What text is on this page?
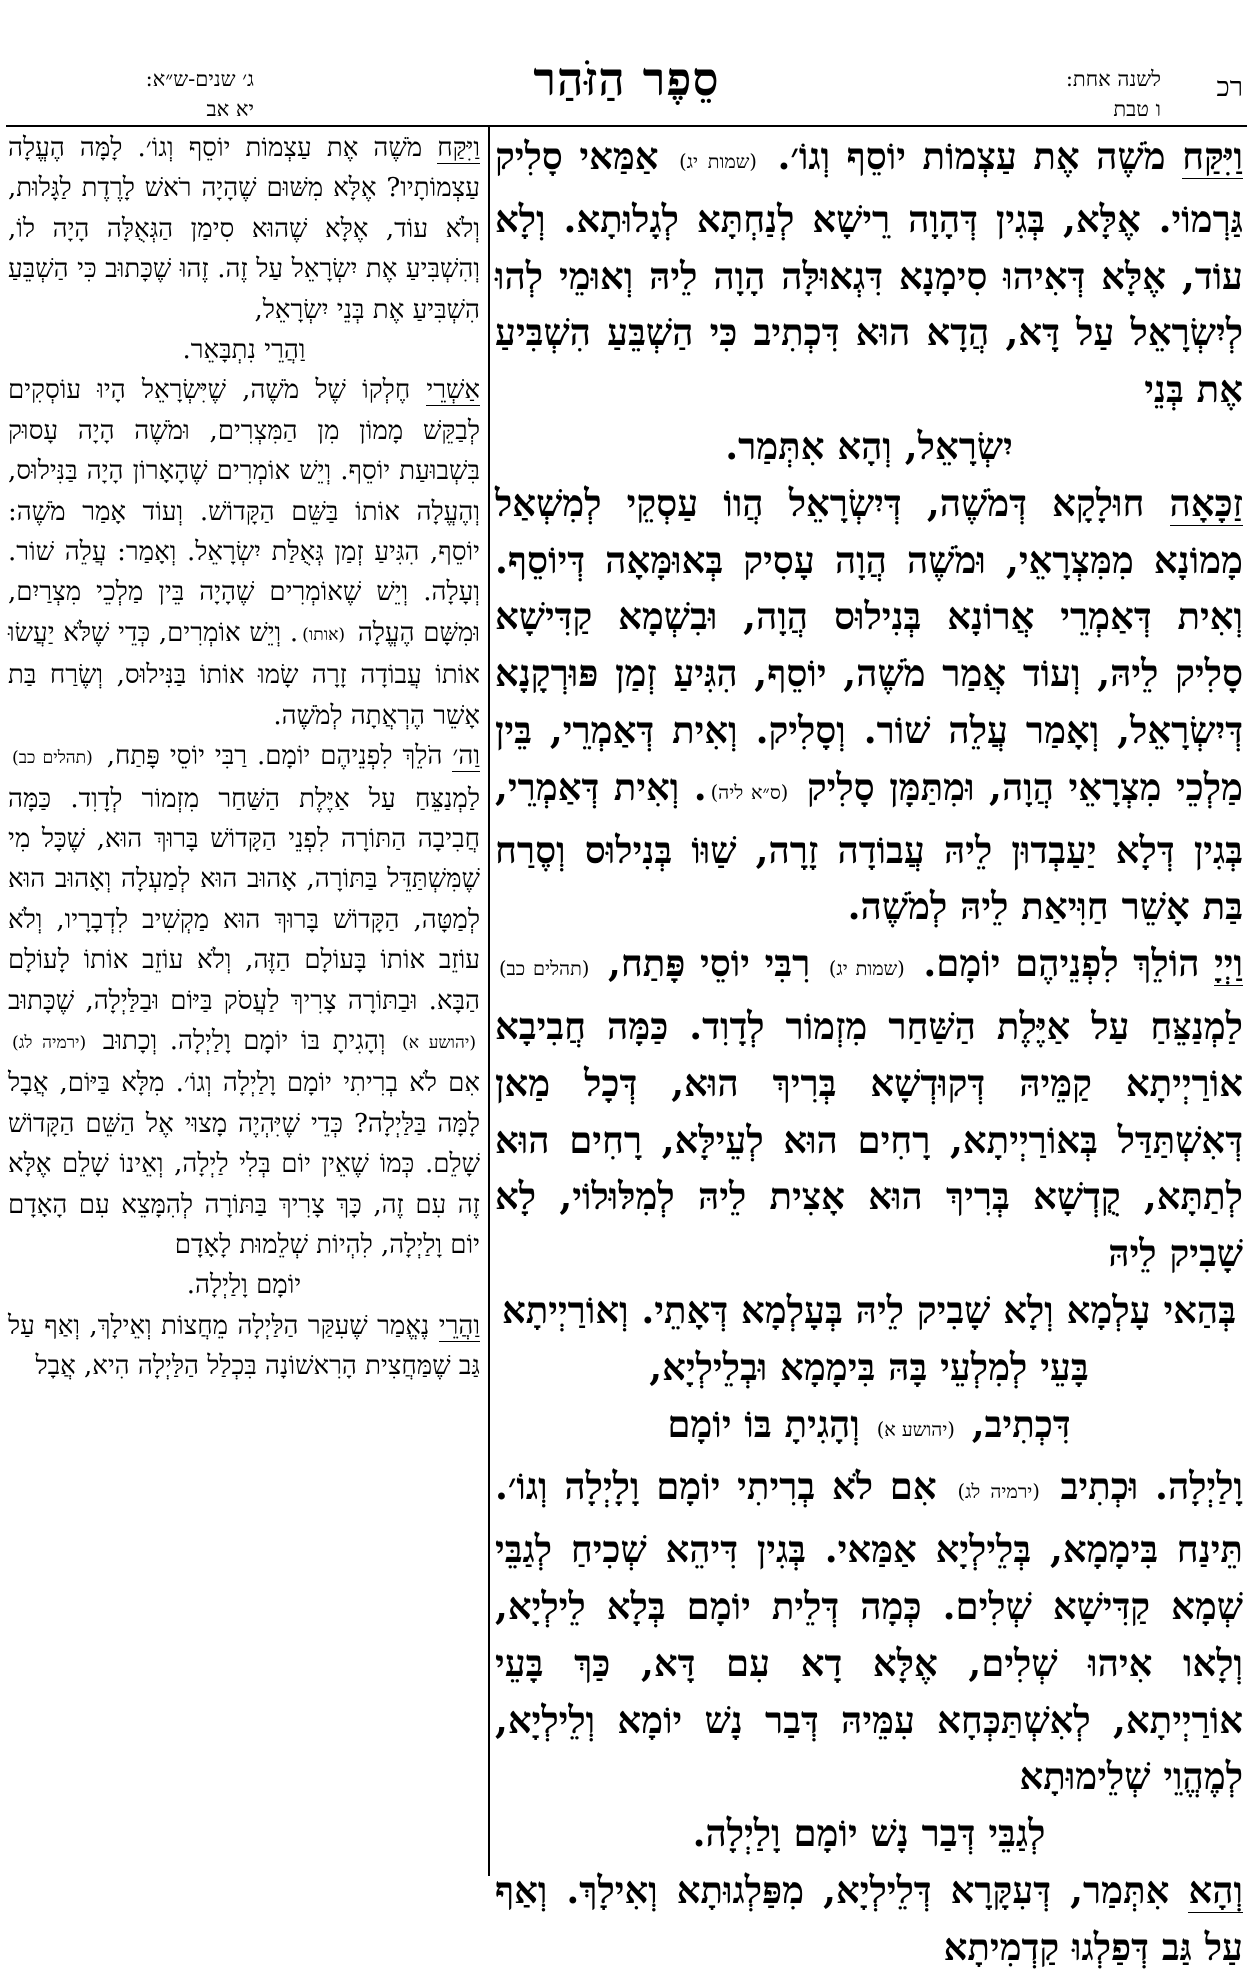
רכ
לשנה אחת:
ו טבת
סֵפֶר הַזֹּהַר
ג׳ שנים-ש״א:
יא אב

וַיִּקַּח מֹשֶׁה אֶת עַצְמוֹת יוֹסֵף וְגוֹ׳. (שמות יג) אַמַּאי סָלִיק גַּרְמוֹי. אֶלָּא, בְּגִין דְּהָוָה רֵישָׁא לְנַחְתָּא לְגָלוּתָא. וְלָא עוֹד, אֶלָּא דְּאִיהוּ סִימָנָא דִּגְאוּלָּה הָוָה לֵיהּ וְאוּמֵי לְהוּ לְיִשְׂרָאֵל עַל דָּא, הֲדָא הוּא דִּכְתִיב כִּי הַשְׁבֵּעַ הִשְׁבִּיעַ אֶת בְּנֵי

יִשְׂרָאֵל, וְהָא אִתְּמַר.

זַכָּאָה חוּלָקָא דְּמֹשֶׁה, דְּיִשְׂרָאֵל הֲווֹ עַסְקֵי לְמִשְׁאַל מָמוֹנָא מִמִּצְרָאֵי, וּמֹשֶׁה הֲוָה עָסִיק בְּאוּמָּאָה דְּיוֹסֵף. וְאִית דְּאַמְרֵי אֲרוֹנָא בְּנִילוּס הֲוָה, וּבִשְׁמָא קַדִּישָׁא סָלִיק לֵיהּ, וְעוֹד אֲמַר מֹשֶׁה, יוֹסֵף, הִגִּיעַ זְמַן פּוּרְקָנָא דְּיִשְׂרָאֵל, וְאָמַר עֲלֵה שׁוֹר. וְסָלִיק. וְאִית דְּאַמְרֵי, בֵּין מַלְכֵי מִצְרָאֵי הֲוָה, וּמִתַּמָּן סָלִיק (ס״א ליה). וְאִית דְּאַמְרֵי, בְּגִין דְּלָא יַעַבְדוּן לֵיהּ עֲבוֹדָה זָרָה, שַׁוּוֹ בְּנִילוּס וְסֶרַח בַּת אָשֵׁר חַוִּיאַת לֵיהּ לְמֹשֶׁה.

וַיְיָ הוֹלֵךְ לִפְנֵיהֶם יוֹמָם. (שמות יג) רִבִּי יוֹסֵי פָּתַח, (תהלים כב) לַמְנַצֵּחַ עַל אַיֶּלֶת הַשַּׁחַר מִזְמוֹר לְדָוִד. כַּמָּה חֲבִיבָא אוֹרַיְיתָא קַמֵּיהּ דְּקוּדְשָׁא בְּרִיךְ הוּא, דְּכָל מַאן דְּאִשְׁתַּדַּל בְּאוֹרַיְיתָא, רָחִים הוּא לְעֵילָּא, רָחִים הוּא לְתַתָּא, קֻדְשָׁא בְּרִיךְ הוּא אָצִית לֵיהּ לְמִלּוּלוֹי, לָא שָׁבִיק לֵיהּ

בְּהַאי עָלְמָא וְלָא שָׁבִיק לֵיהּ בְּעָלְמָא דְּאָתֵי. וְאוֹרַיְיתָא בָּעֵי לְמִלְעֵי בָּהּ בִּימָמָא וּבְלֵילְיָא,

דִּכְתִיב, (יהושע א) וְהָגִיתָ בּוֹ יוֹמָם

וָלַיְלָה. וּכְתִיב (ירמיה לג) אִם לֹא בְרִיתִי יוֹמָם וָלָיְלָה וְגוֹ׳. תֵּינַח בִּימָמָא, בְּלֵילְיָא אַמַּאי. בְּגִין דִּיהֵא שְׁכִיחַ לְגַבֵּי שְׁמָא קַדִּישָׁא שְׁלִים. כְּמָה דְּלֵית יוֹמָם בְּלָא לֵילְיָא, וְלָאו אִיהוּ שְׁלִים, אֶלָּא דָא עִם דָּא, כַּךְ בָּעֵי אוֹרַיְיתָא, לְאִשְׁתַּכְּחָא עִמֵּיהּ דְּבַר נָשׁ יוֹמָא וְלֵילְיָא, לְמֶהֱוֵי שְׁלֵימוּתָא

לְגַבֵּי דְּבַר נָשׁ יוֹמָם וָלַיְלָה.

וְהָא אִתְּמַר, דְּעִקָּרָא דְּלֵילְיָא, מִפַּלְגוּתָא וְאִילָךְ. וְאַף עַל גַּב דְּפַלְגוּ קַדְמִיתָא

וַיִּקַּח מֹשֶׁה אֶת עַצְמוֹת יוֹסֵף וְגוֹ׳. לָמָּה הֶעֱלָה עַצְמוֹתָיו? אֶלָּא מִשּׁוּם שֶׁהָיָה רֹאשׁ לָרֶדֶת לַגָּלוּת, וְלֹא עוֹד, אֶלָּא שֶׁהוּא סִימַן הַגְּאֻלָּה הָיָה לוֹ, וְהִשְׁבִּיעַ אֶת יִשְׂרָאֵל עַל זֶה. זֶהוּ שֶׁכָּתוּב כִּי הַשְׁבֵּעַ הִשְׁבִּיעַ אֶת בְּנֵי יִשְׂרָאֵל,

וַהֲרֵי נִתְבָּאֵר.

אַשְׁרֵי חֶלְקוֹ שֶׁל מֹשֶׁה, שֶׁיִּשְׂרָאֵל הָיוּ עוֹסְקִים לְבַקֵּשׁ מָמוֹן מִן הַמִּצְרִים, וּמֹשֶׁה הָיָה עָסוּק בִּשְׁבוּעַת יוֹסֵף. וְיֵשׁ אוֹמְרִים שֶׁהָאָרוֹן הָיָה בַּנִּילוּס, וְהֶעֱלָה אוֹתוֹ בַּשֵּׁם הַקָּדוֹשׁ. וְעוֹד אָמַר מֹשֶׁה: יוֹסֵף, הִגִּיעַ זְמַן גְּאֻלַּת יִשְׂרָאֵל. וְאָמַר: עֲלֵה שׁוֹר. וְעָלָה. וְיֵשׁ שֶׁאוֹמְרִים שֶׁהָיָה בֵּין מַלְכֵי מִצְרַיִם, וּמִשָּׁם הֶעֱלָה (אותו). וְיֵשׁ אוֹמְרִים, כְּדֵי שֶׁלֹּא יַעֲשׂוּ אוֹתוֹ עֲבוֹדָה זָרָה שָׂמוּ אוֹתוֹ בַּנִּילוּס, וְשֶׂרַח בַּת אָשֵׁר הֶרְאֲתָה לְמֹשֶׁה.

וַה׳ הֹלֵךְ לִפְנֵיהֶם יוֹמָם. רַבִּי יוֹסֵי פָּתַח, (תהלים כב) לַמְנַצֵּחַ עַל אַיֶּלֶת הַשַּׁחַר מִזְמוֹר לְדָוִד. כַּמָּה חֲבִיבָה הַתּוֹרָה לִפְנֵי הַקָּדוֹשׁ בָּרוּךְ הוּא, שֶׁכָּל מִי שֶׁמִּשְׁתַּדֵּל בַּתּוֹרָה, אָהוּב הוּא לְמַעְלָה וְאָהוּב הוּא לְמַטָּה, הַקָּדוֹשׁ בָּרוּךְ הוּא מַקְשִׁיב לִדְבָרָיו, וְלֹא עוֹזֵב אוֹתוֹ בָּעוֹלָם הַזֶּה, וְלֹא עוֹזֵב אוֹתוֹ לָעוֹלָם הַבָּא. וּבַתּוֹרָה צָרִיךְ לַעֲסֹק בַּיּוֹם וּבַלַּיְלָה, שֶׁכָּתוּב (יהושע א) וְהָגִיתָ בּוֹ יוֹמָם וָלַיְלָה. וְכָתוּב (ירמיה לג) אִם לֹא בְרִיתִי יוֹמָם וָלַיְלָה וְגוֹ׳. מִלָּא בַּיּוֹם, אֲבָל לָמָּה בַּלַּיְלָה? כְּדֵי שֶׁיִּהְיֶה מָצוּי אֶל הַשֵּׁם הַקָּדוֹשׁ שָׁלֵם. כְּמוֹ שֶׁאֵין יוֹם בְּלִי לַיְלָה, וְאֵינוֹ שָׁלֵם אֶלָּא זֶה עִם זֶה, כָּךְ צָרִיךְ בַּתּוֹרָה לְהִמָּצֵא עִם הָאָדָם יוֹם וָלַיְלָה, לִהְיוֹת שְׁלֵמוּת לָאָדָם

יוֹמָם וָלַיְלָה.

וַהֲרֵי נֶאֱמַר שֶׁעִקַּר הַלַּיְלָה מֵחֲצוֹת וְאֵילָךְ, וְאַף עַל גַּב שֶׁמַּחֲצִית הָרִאשׁוֹנָה בִּכְלַל הַלַּיְלָה הִיא, אֲבָל
